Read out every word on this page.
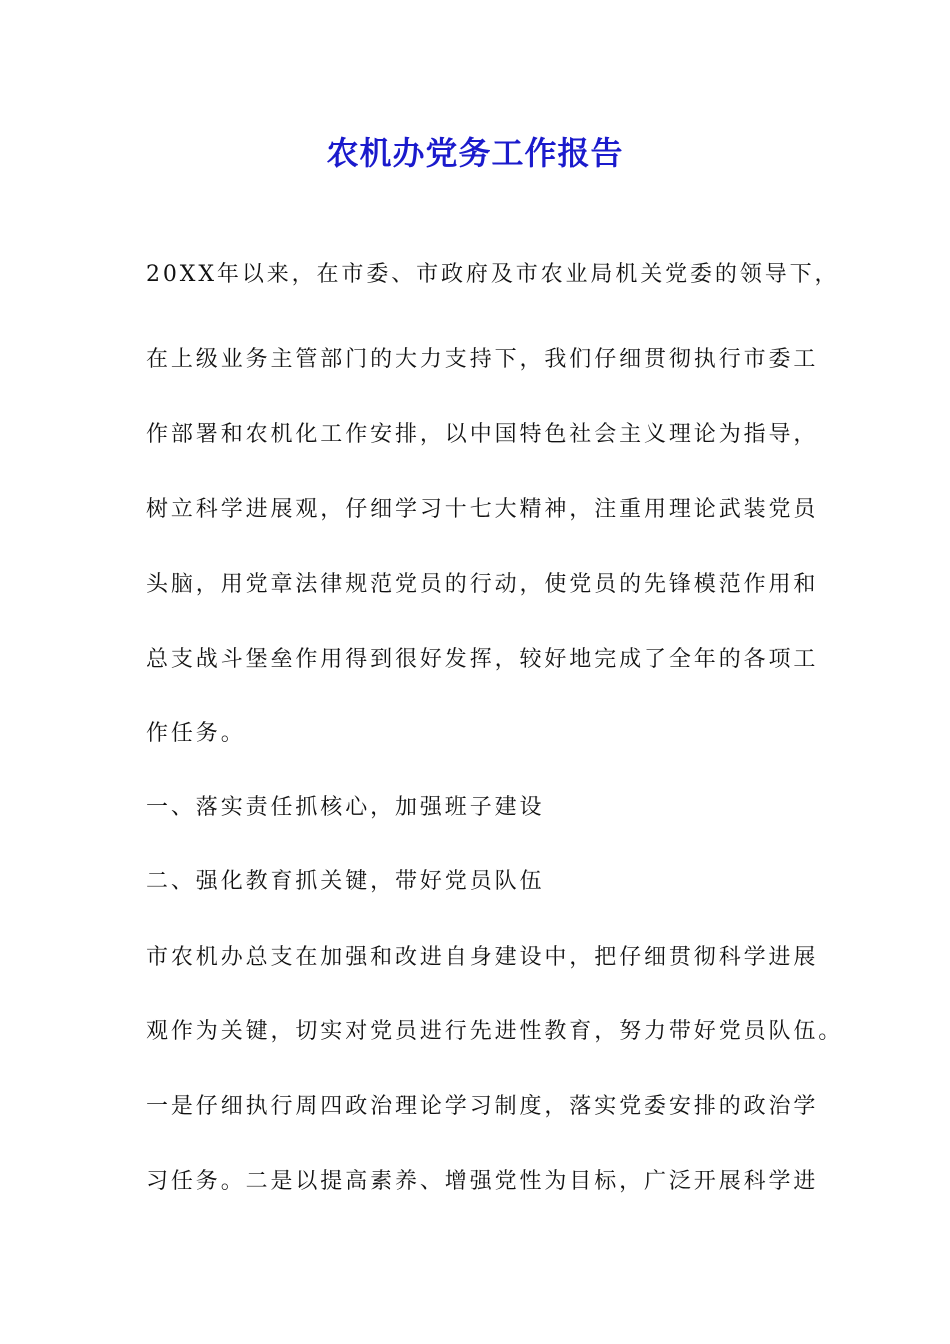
农机办党务工作报告
20XX年以来，在市委、市政府及市农业局机关党委的领导下，
在上级业务主管部门的大力支持下，我们仔细贯彻执行市委工
作部署和农机化工作安排，以中国特色社会主义理论为指导，
树立科学进展观，仔细学习十七大精神，注重用理论武装党员
头脑，用党章法律规范党员的行动，使党员的先锋模范作用和
总支战斗堡垒作用得到很好发挥，较好地完成了全年的各项工
作任务。
一、落实责任抓核心，加强班子建设
二、强化教育抓关键，带好党员队伍
市农机办总支在加强和改进自身建设中，把仔细贯彻科学进展
观作为关键，切实对党员进行先进性教育，努力带好党员队伍。
一是仔细执行周四政治理论学习制度，落实党委安排的政治学
习任务。二是以提高素养、增强党性为目标，广泛开展科学进
